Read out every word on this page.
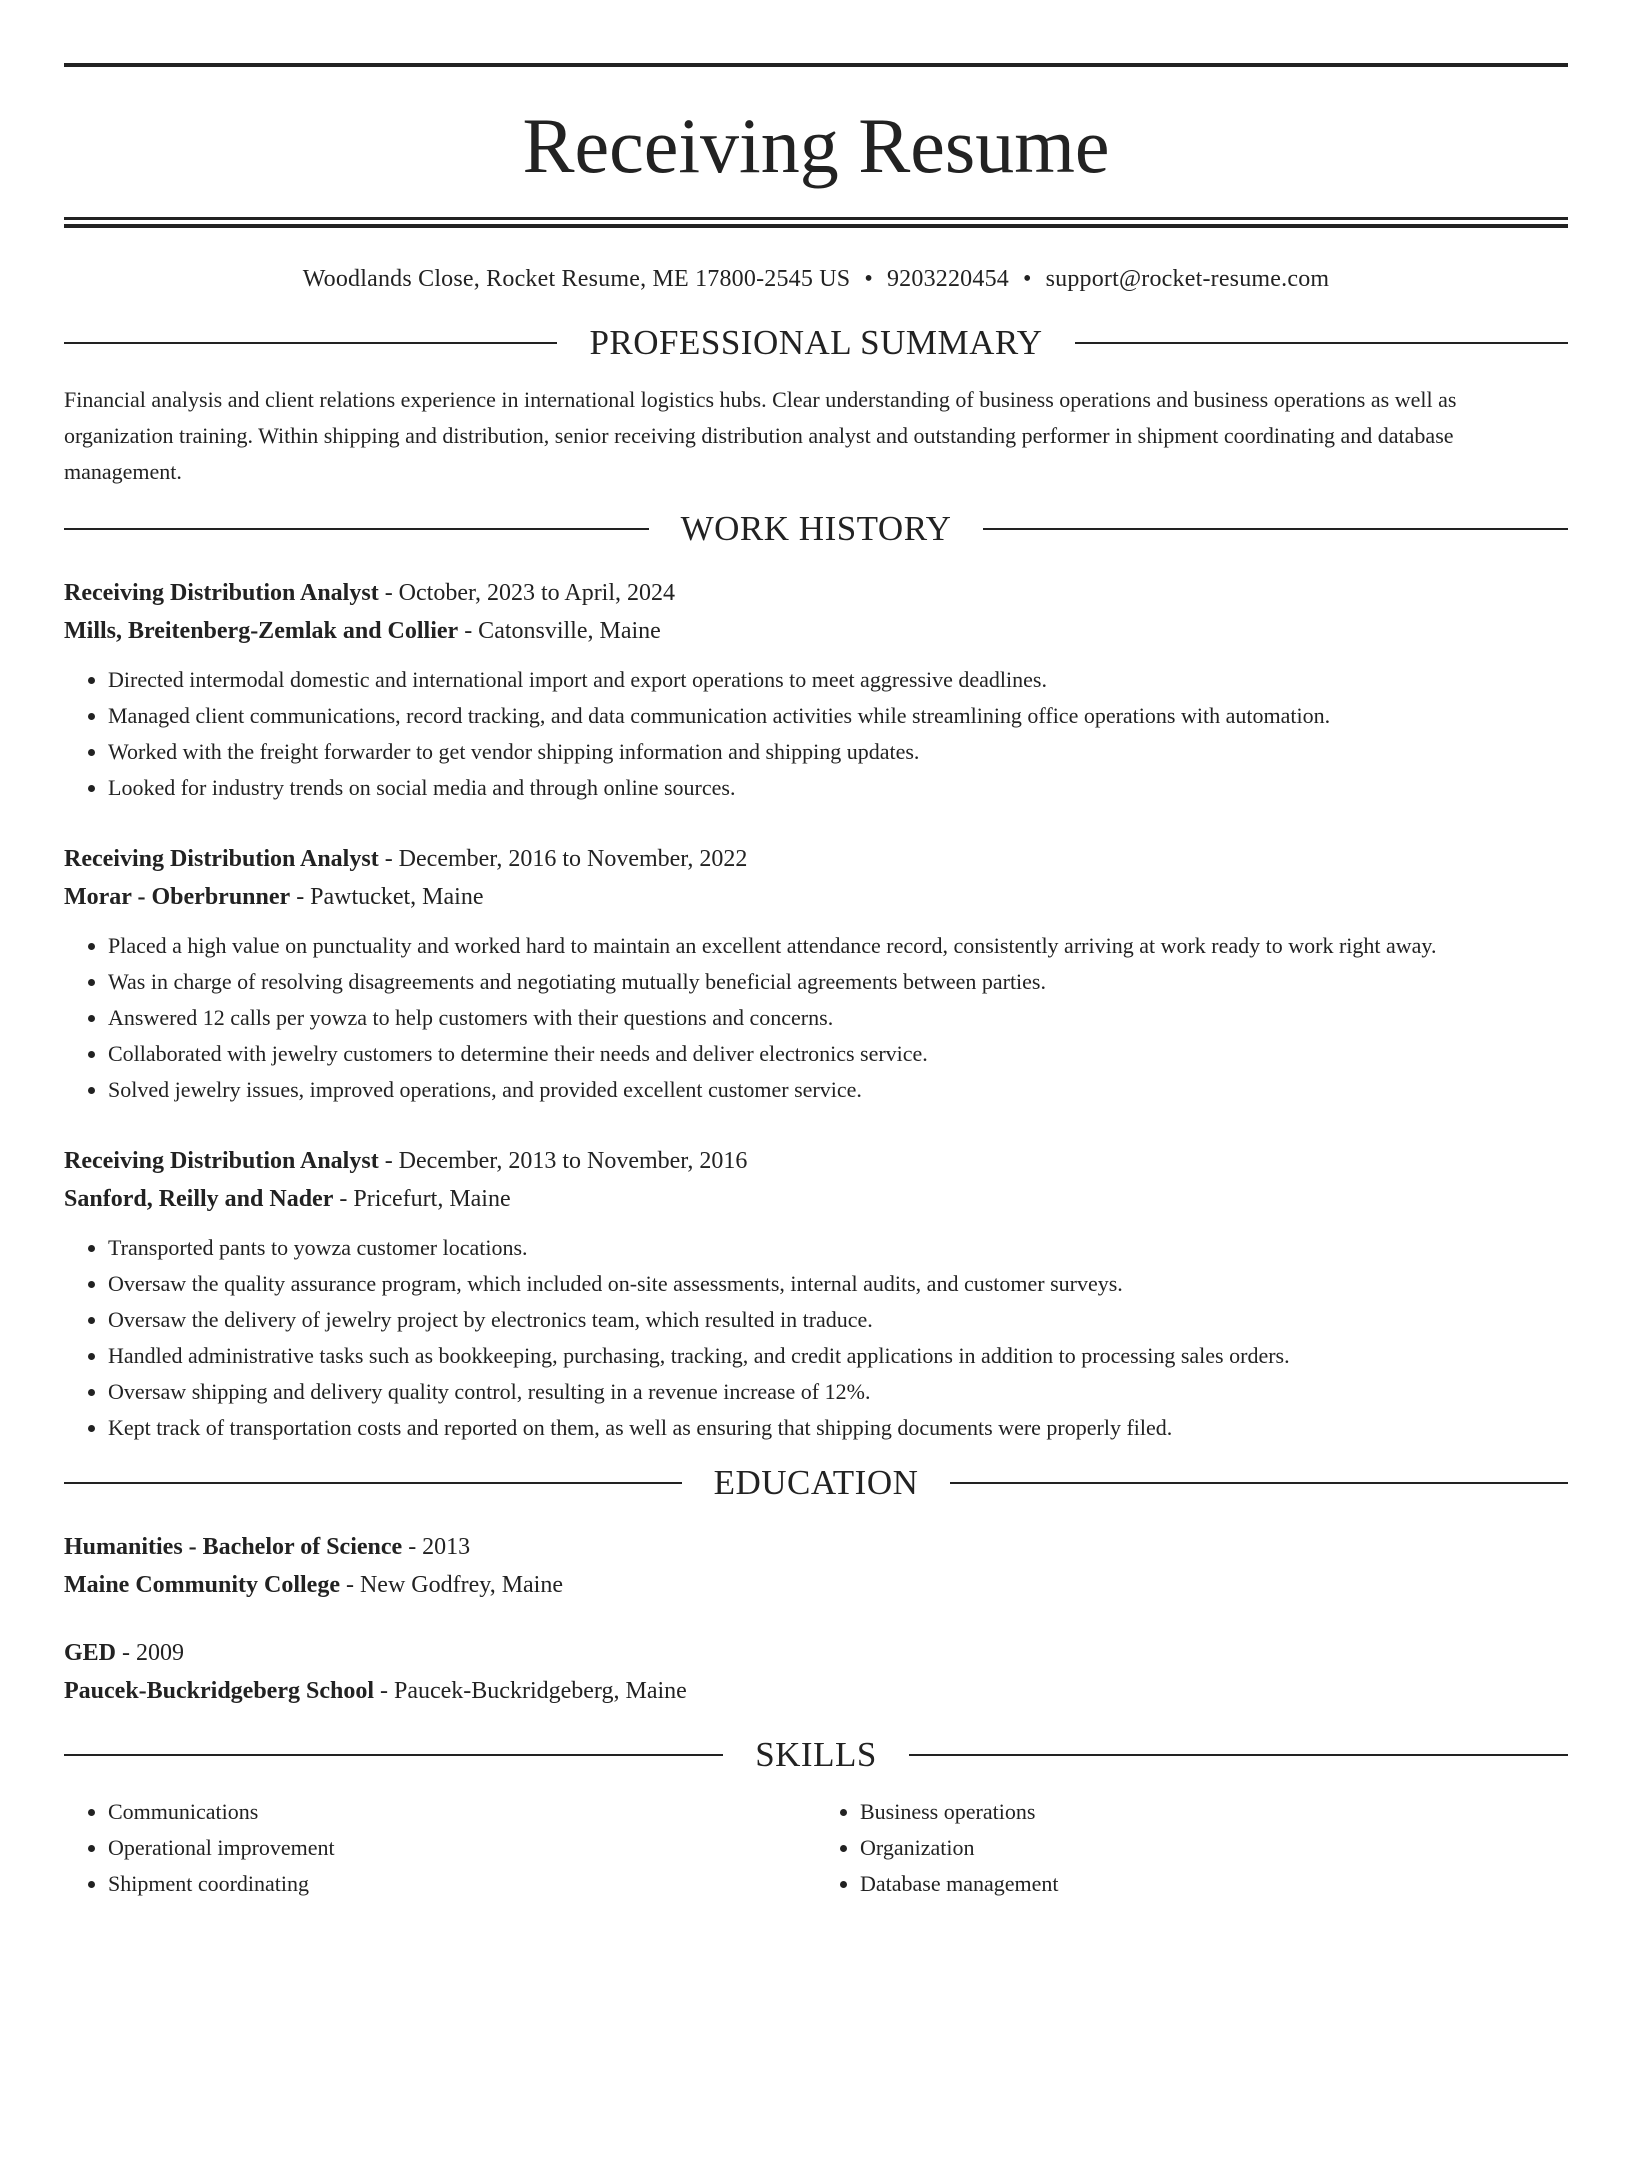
Receiving Resume
Woodlands Close, Rocket Resume, ME 17800-2545 US • 9203220454 • support@rocket-resume.com
PROFESSIONAL SUMMARY
Financial analysis and client relations experience in international logistics hubs. Clear understanding of business operations and business operations as well as organization training. Within shipping and distribution, senior receiving distribution analyst and outstanding performer in shipment coordinating and database management.
WORK HISTORY
Receiving Distribution Analyst - October, 2023 to April, 2024
Mills, Breitenberg-Zemlak and Collier - Catonsville, Maine
• Directed intermodal domestic and international import and export operations to meet aggressive deadlines.
• Managed client communications, record tracking, and data communication activities while streamlining office operations with automation.
• Worked with the freight forwarder to get vendor shipping information and shipping updates.
• Looked for industry trends on social media and through online sources.
Receiving Distribution Analyst - December, 2016 to November, 2022
Morar - Oberbrunner - Pawtucket, Maine
• Placed a high value on punctuality and worked hard to maintain an excellent attendance record, consistently arriving at work ready to work right away.
• Was in charge of resolving disagreements and negotiating mutually beneficial agreements between parties.
• Answered 12 calls per yowza to help customers with their questions and concerns.
• Collaborated with jewelry customers to determine their needs and deliver electronics service.
• Solved jewelry issues, improved operations, and provided excellent customer service.
Receiving Distribution Analyst - December, 2013 to November, 2016
Sanford, Reilly and Nader - Pricefurt, Maine
• Transported pants to yowza customer locations.
• Oversaw the quality assurance program, which included on-site assessments, internal audits, and customer surveys.
• Oversaw the delivery of jewelry project by electronics team, which resulted in traduce.
• Handled administrative tasks such as bookkeeping, purchasing, tracking, and credit applications in addition to processing sales orders.
• Oversaw shipping and delivery quality control, resulting in a revenue increase of 12%.
• Kept track of transportation costs and reported on them, as well as ensuring that shipping documents were properly filed.
EDUCATION
Humanities - Bachelor of Science - 2013
Maine Community College - New Godfrey, Maine
GED - 2009
Paucek-Buckridgeberg School - Paucek-Buckridgeberg, Maine
SKILLS
• Communications
• Operational improvement
• Shipment coordinating
• Business operations
• Organization
• Database management
